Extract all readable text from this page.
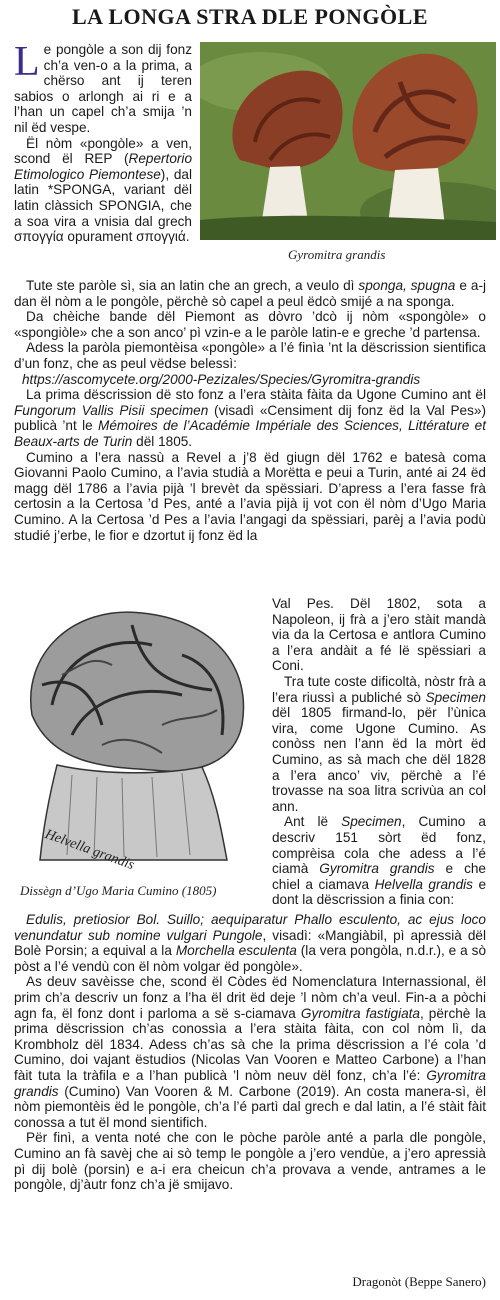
LA LONGA STRA DLE PONGÒLE

Le pongòle a son dij fonz ch’a ven-o a la prima, a chërso ant ij teren sabios o arlongh ai ri e a l’han un capel ch’a smija ’n nil ëd vespe.

Ël nòm «pongòle» a ven, scond ël REP (Repertorio Etimologico Piemontese), dal latin *SPONGA, variant dël latin clàssich SPONGIA, che a soa vira a vnisia dal grech σπογγία opurament σπογγιά.

Gyromitra grandis

Tute ste paròle sì, sia an latin che an grech, a veulo dì sponga, spugna e a-j dan ël nòm a le pongòle, përchè sò capel a peul ëdcò smijé a na sponga.

Da chèiche bande dël Piemont as dòvro ’dcò ij nòm «spongòle» o «spongiòle» che a son anco’ pì vzin-e a le paròle latin-e e greche ’d partensa.

Adess la paròla piemontèisa «pongòle» a l’é finìa ’nt la dëscrission sientifica d’un fonz, che as peul vëdse belessì:

https://ascomycete.org/2000-Pezizales/Species/Gyromitra-grandis

La prima dëscrission dë sto fonz a l’era stàita fàita da Ugone Cumino ant ël Fungorum Vallis Pisii specimen (visadì «Censiment dij fonz ëd la Val Pes») publicà ’nt le Mémoires de l’Académie Impériale des Sciences, Littérature et Beaux-arts de Turin dël 1805.

Cumino a l’era nassù a Revel a j’8 ëd giugn dël 1762 e batesà coma Giovanni Paolo Cumino, a l’avia studià a Morëtta e peui a Turin, anté ai 24 ëd magg dël 1786 a l’avia pijà ’l brevèt da spëssiari. D’apress a l’era fasse frà certosin a la Certosa ’d Pes, anté a l’avia pijà ij vot con ël nòm d’Ugo Maria Cumino. A la Certosa ’d Pes a l’avia l’angagi da spëssiari, parèj a l’avia podù studié j’erbe, le fior e dzortut ij fonz ëd la

Helvella grandis
Dissègn d’Ugo Maria Cumino (1805)

Val Pes. Dël 1802, sota a Napoleon, ij frà a j’ero stàit mandà via da la Certosa e antlora Cumino a l’era andàit a fé lë spëssiari a Coni.

Tra tute coste dificoltà, nòstr frà a l’era riussì a publiché sò Specimen dël 1805 firmand-lo, për l’ùnica vira, come Ugone Cumino. As conòss nen l’ann ëd la mòrt ëd Cumino, as sà mach che dël 1828 a l’era anco’ viv, përchè a l’é trovasse na soa litra scrivùa an col ann.

Ant lë Specimen, Cumino a descriv 151 sòrt ëd fonz, comprèisa cola che adess a l’é ciamà Gyromitra grandis e che chiel a ciamava Helvella grandis e dont la dëscrission a finia con:

Edulis, pretiosior Bol. Suillo; aequiparatur Phallo esculento, ac ejus loco venundatur sub nomine vulgari Pungole, visadì: «Mangiàbil, pì apressià dël Bolè Porsin; a equival a la Morchella esculenta (la vera pongòla, n.d.r.), e a sò pòst a l’é vendù con ël nòm volgar ëd pongòle».

As deuv savèisse che, scond ël Còdes ëd Nomenclatura Internassional, ël prim ch’a descriv un fonz a l’ha ël drit ëd deje ’l nòm ch’a veul. Fin-a a pòchi agn fa, ël fonz dont i parloma a së s-ciamava Gyromitra fastigiata, përchè la prima dëscrission ch’as conossìa a l’era stàita fàita, con col nòm lì, da Krombholz dël 1834. Adess ch’as sà che la prima dëscrission a l’é cola ’d Cumino, doi vajant ëstudios (Nicolas Van Vooren e Matteo Carbone) a l’han fàit tuta la tràfila e a l’han publicà ’l nòm neuv dël fonz, ch’a l’é: Gyromitra grandis (Cumino) Van Vooren & M. Carbone (2019). An costa manera-sì, ël nòm piemontèis ëd le pongòle, ch’a l’é partì dal grech e dal latin, a l’é stàit fàit conossa a tut ël mond sientifich.

Për finì, a venta noté che con le pòche paròle anté a parla dle pongòle, Cumino an fà savèj che ai sò temp le pongòle a j’ero vendùe, a j’ero apressià pì dij bolè (porsin) e a-i era cheicun ch’a provava a vende, antrames a le pongòle, dj’àutr fonz ch’a jë smijavo.

Dragonòt (Beppe Sanero)
